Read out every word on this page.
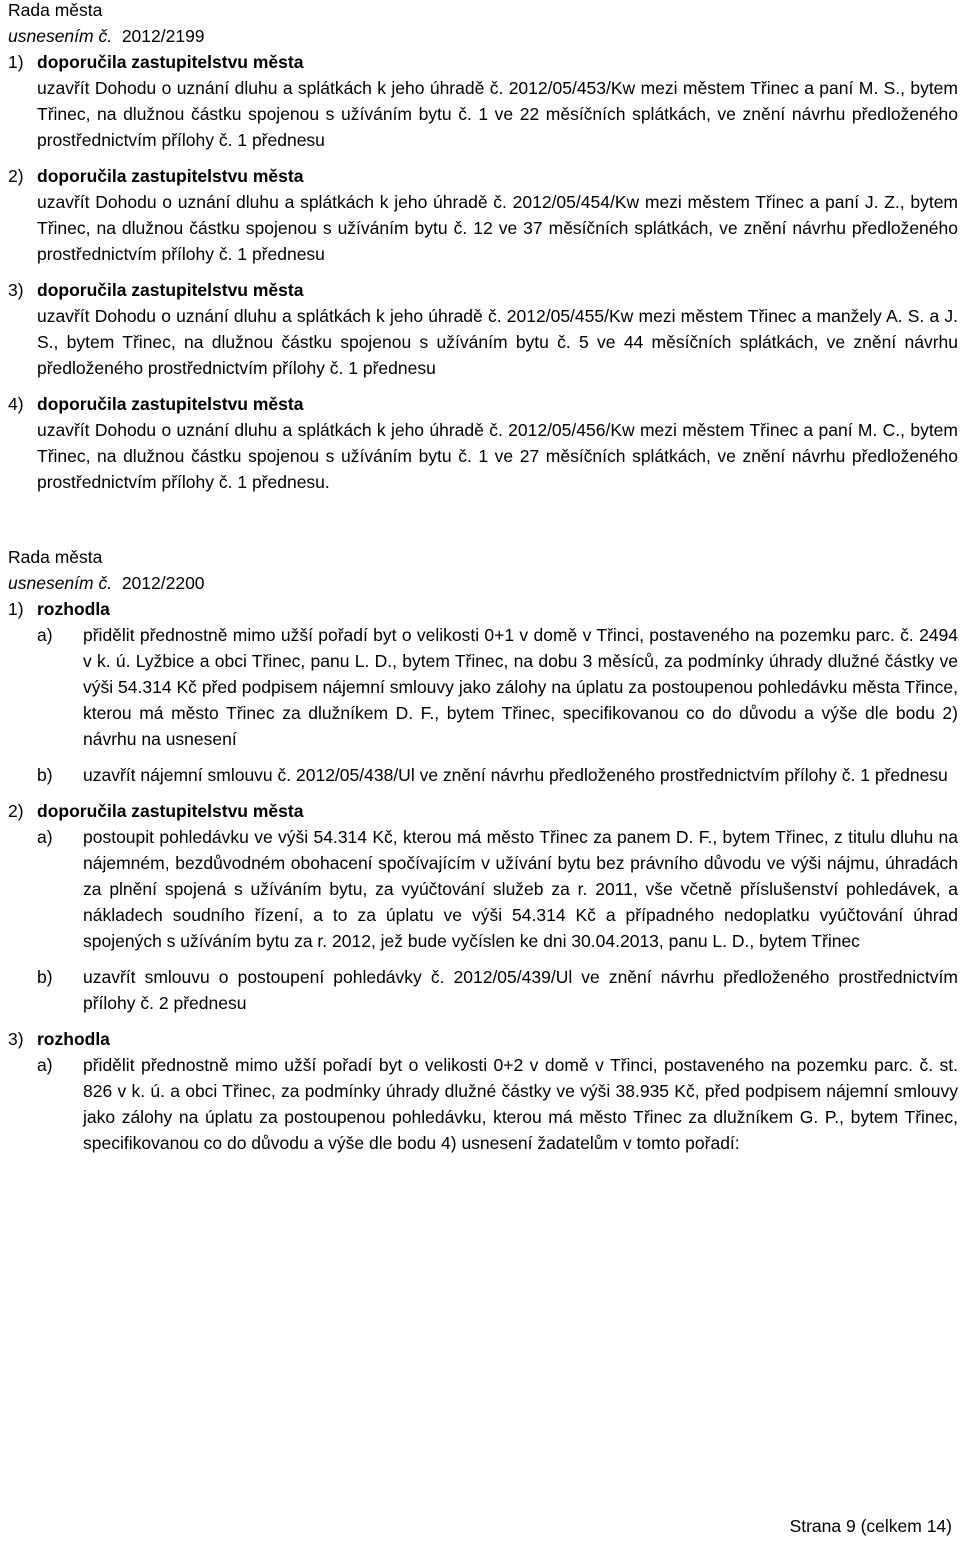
Rada města
usnesením č. 2012/2199
1) doporučila zastupitelstvu města

uzavřít Dohodu o uznání dluhu a splátkách k jeho úhradě č. 2012/05/453/Kw mezi městem Třinec a paní M. S., bytem Třinec, na dlužnou částku spojenou s užíváním bytu č. 1 ve 22 měsíčních splátkách, ve znění návrhu předloženého prostřednictvím přílohy č. 1 přednesu

2) doporučila zastupitelstvu města

uzavřít Dohodu o uznání dluhu a splátkách k jeho úhradě č. 2012/05/454/Kw mezi městem Třinec a paní J. Z., bytem Třinec, na dlužnou částku spojenou s užíváním bytu č. 12 ve 37 měsíčních splátkách, ve znění návrhu předloženého prostřednictvím přílohy č. 1 přednesu

3) doporučila zastupitelstvu města

uzavřít Dohodu o uznání dluhu a splátkách k jeho úhradě č. 2012/05/455/Kw mezi městem Třinec a manžely A. S. a J. S., bytem Třinec, na dlužnou částku spojenou s užíváním bytu č. 5 ve 44 měsíčních splátkách, ve znění návrhu předloženého prostřednictvím přílohy č. 1 přednesu

4) doporučila zastupitelstvu města

uzavřít Dohodu o uznání dluhu a splátkách k jeho úhradě č. 2012/05/456/Kw mezi městem Třinec a paní M. C., bytem Třinec, na dlužnou částku spojenou s užíváním bytu č. 1 ve 27 měsíčních splátkách, ve znění návrhu předloženého prostřednictvím přílohy č. 1 přednesu.

Rada města
usnesením č. 2012/2200
1) rozhodla

a)	přidělit přednostně mimo užší pořadí byt o velikosti 0+1 v domě v Třinci, postaveného na pozemku parc. č. 2494 v k. ú. Lyžbice a obci Třinec, panu L. D., bytem Třinec, na dobu 3 měsíců, za podmínky úhrady dlužné částky ve výši 54.314 Kč před podpisem nájemní smlouvy jako zálohy na úplatu za postoupenou pohledávku města Třince, kterou má město Třinec za dlužníkem D. F., bytem Třinec, specifikovanou co do důvodu a výše dle bodu 2) návrhu na usnesení

b)	uzavřít nájemní smlouvu č. 2012/05/438/Ul ve znění návrhu předloženého prostřednictvím přílohy č. 1 přednesu

2) doporučila zastupitelstvu města

a)	postoupit pohledávku ve výši 54.314 Kč, kterou má město Třinec za panem D. F., bytem Třinec, z titulu dluhu na nájemném, bezdůvodném obohacení spočívajícím v užívání bytu bez právního důvodu ve výši nájmu, úhradách za plnění spojená s užíváním bytu, za vyúčtování služeb za r. 2011, vše včetně příslušenství pohledávek, a nákladech soudního řízení, a to za úplatu ve výši 54.314 Kč a případného nedoplatku vyúčtování úhrad spojených s užíváním bytu za r. 2012, jež bude vyčíslen ke dni 30.04.2013, panu L. D., bytem Třinec

b)	uzavřít smlouvu o postoupení pohledávky č. 2012/05/439/Ul ve znění návrhu předloženého prostřednictvím přílohy č. 2 přednesu

3) rozhodla

a)	přidělit přednostně mimo užší pořadí byt o velikosti 0+2 v domě v Třinci, postaveného na pozemku parc. č. st. 826 v k. ú. a obci Třinec, za podmínky úhrady dlužné částky ve výši 38.935 Kč, před podpisem nájemní smlouvy jako zálohy na úplatu za postoupenou pohledávku, kterou má město Třinec za dlužníkem G. P., bytem Třinec, specifikovanou co do důvodu a výše dle bodu 4) usnesení žadatelům v tomto pořadí:

Strana 9 (celkem 14)
